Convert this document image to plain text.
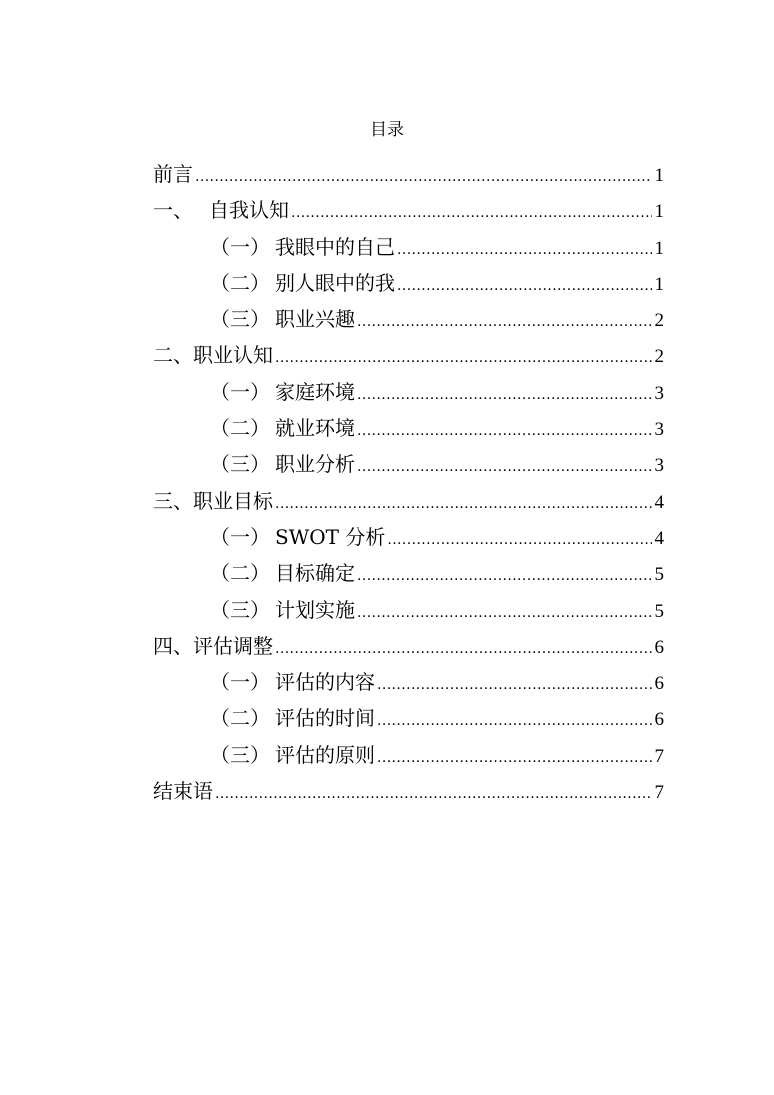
目录
前言 .....	1
一、 自我认知 .....	1
（一） 我眼中的自己 .....	1
（二） 别人眼中的我 .....	1
（三） 职业兴趣 .....	2
二、 职业认知 .....	2
（一） 家庭环境 .....	3
（二） 就业环境 .....	3
（三） 职业分析 .....	3
三、 职业目标 .....	4
（一） SWOT 分析 .....	4
（二） 目标确定 .....	5
（三） 计划实施 .....	5
四、 评估调整 .....	6
（一） 评估的内容 .....	6
（二） 评估的时间 .....	6
（三） 评估的原则 .....	7
结束语 .....	7
